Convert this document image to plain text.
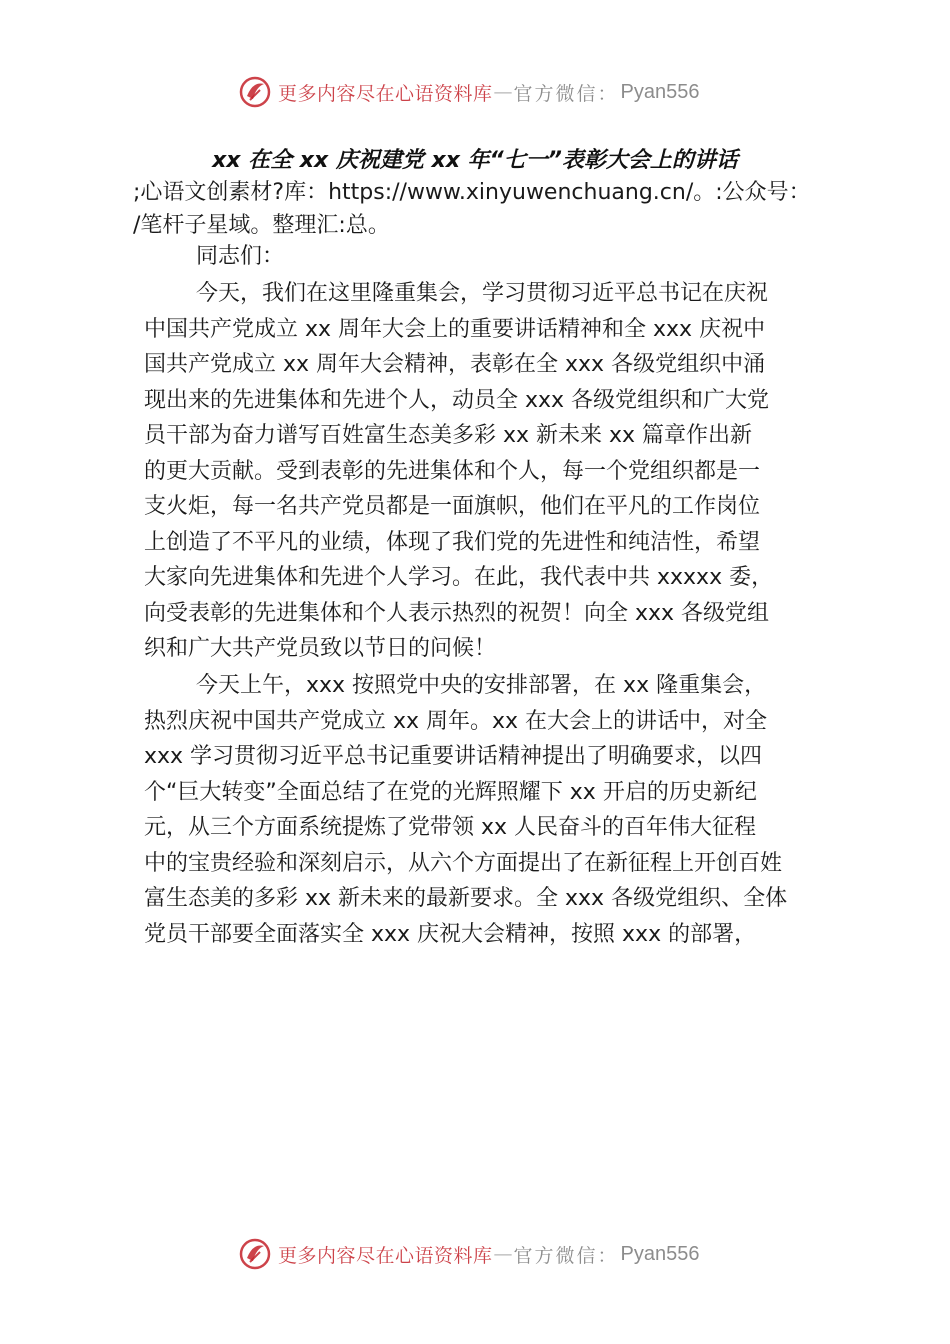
更多内容尽在心语资料库 — 官方微信： Pyan556
xx 在全 xx 庆祝建党 xx 年“七一”表彰大会上的讲话
;心语文创素材?库：https://www.xinyuwenchuang.cn/。:公众号：
/笔杆子星域。整理汇:总。
同志们：
今天，我们在这里隆重集会，学习贯彻习近平总书记在庆祝
中国共产党成立 xx 周年大会上的重要讲话精神和全 xxx 庆祝中
国共产党成立 xx 周年大会精神，表彰在全 xxx 各级党组织中涌
现出来的先进集体和先进个人，动员全 xxx 各级党组织和广大党
员干部为奋力谱写百姓富生态美多彩 xx 新未来 xx 篇章作出新
的更大贡献。受到表彰的先进集体和个人，每一个党组织都是一
支火炬，每一名共产党员都是一面旗帜，他们在平凡的工作岗位
上创造了不平凡的业绩，体现了我们党的先进性和纯洁性，希望
大家向先进集体和先进个人学习。在此，我代表中共 xxxxx 委，
向受表彰的先进集体和个人表示热烈的祝贺！向全 xxx 各级党组
织和广大共产党员致以节日的问候！
今天上午，xxx 按照党中央的安排部署，在 xx 隆重集会，
热烈庆祝中国共产党成立 xx 周年。xx 在大会上的讲话中，对全
xxx 学习贯彻习近平总书记重要讲话精神提出了明确要求，以四
个“巨大转变”全面总结了在党的光辉照耀下 xx 开启的历史新纪
元，从三个方面系统提炼了党带领 xx 人民奋斗的百年伟大征程
中的宝贵经验和深刻启示，从六个方面提出了在新征程上开创百姓
富生态美的多彩 xx 新未来的最新要求。全 xxx 各级党组织、全体
党员干部要全面落实全 xxx 庆祝大会精神，按照 xxx 的部署，
更多内容尽在心语资料库 — 官方微信： Pyan556
